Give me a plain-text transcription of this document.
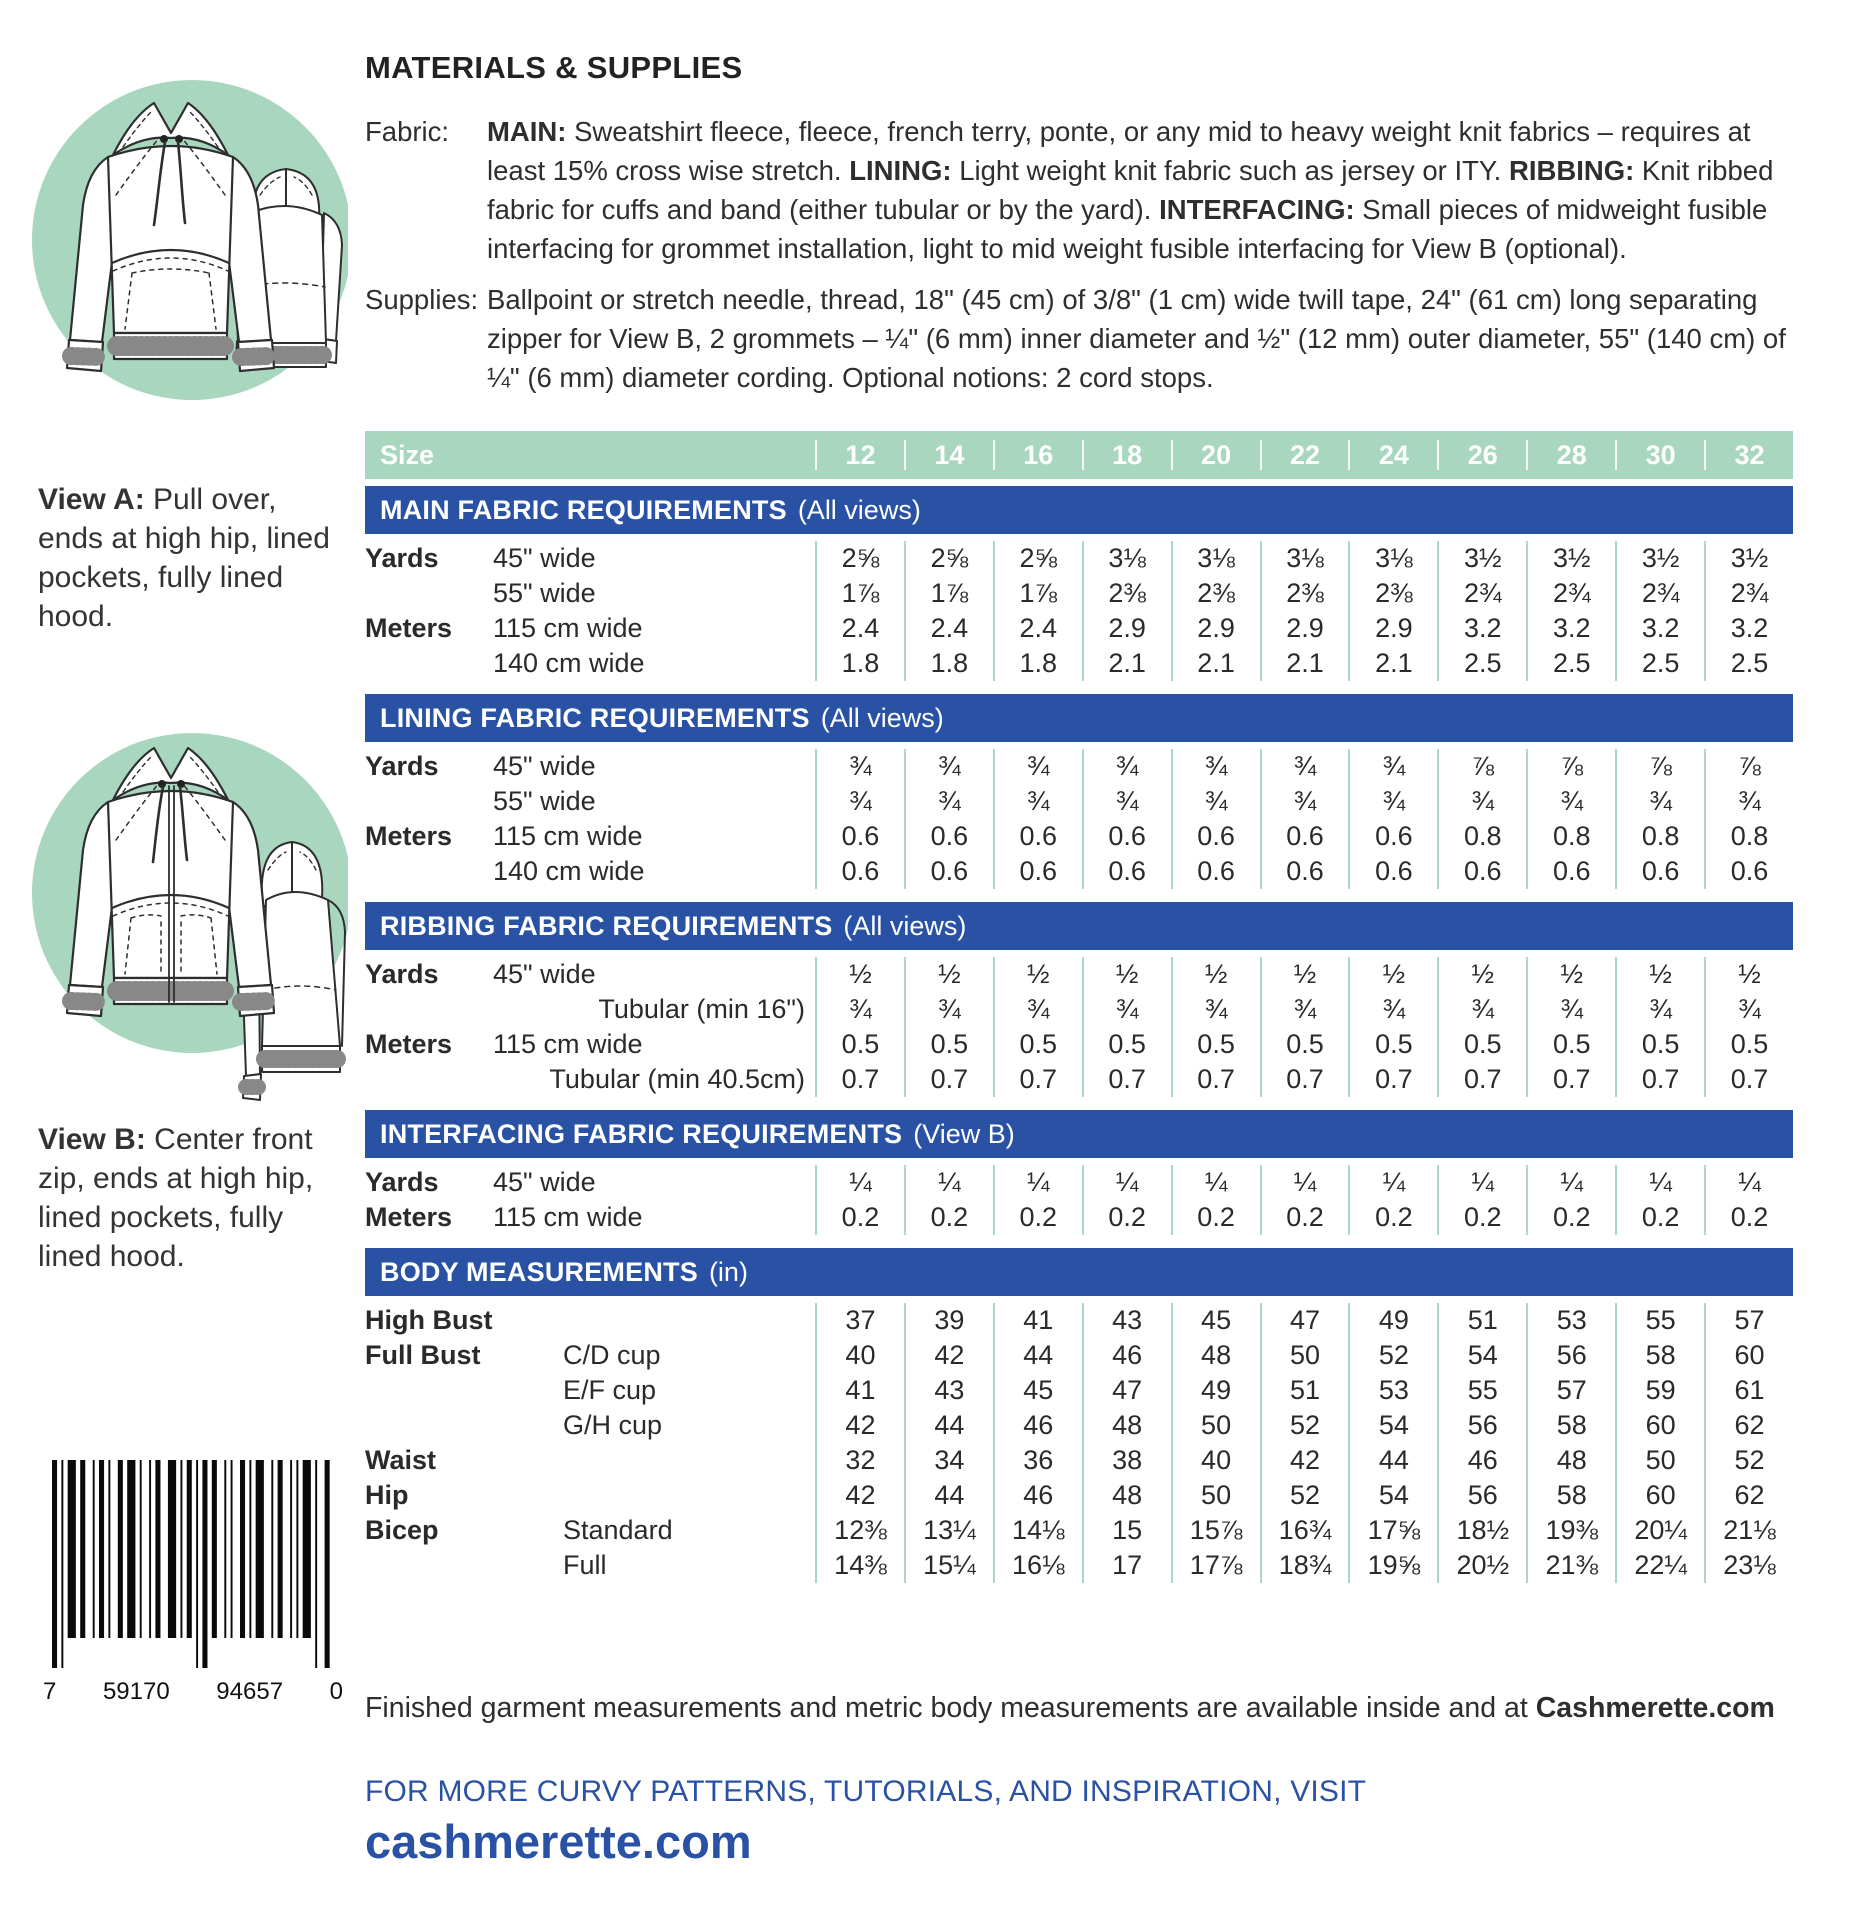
View A: Pull over, ends at high hip, lined pockets, fully lined hood.

View B: Center front zip, ends at high hip, lined pockets, fully lined hood.

7 59170 94657 0
MATERIALS & SUPPLIES
Fabric:	MAIN: Sweatshirt fleece, fleece, french terry, ponte, or any mid to heavy weight knit fabrics – requires at least 15% cross wise stretch. LINING: Light weight knit fabric such as jersey or ITY. RIBBING: Knit ribbed fabric for cuffs and band (either tubular or by the yard). INTERFACING: Small pieces of midweight fusible interfacing for grommet installation, light to mid weight fusible interfacing for View B (optional).
Supplies: Ballpoint or stretch needle, thread, 18" (45 cm) of 3/8" (1 cm) wide twill tape, 24" (61 cm) long separating zipper for View B, 2 grommets – ¼" (6 mm) inner diameter and ½" (12 mm) outer diameter, 55" (140 cm) of ¼" (6 mm) diameter cording. Optional notions: 2 cord stops.
Size	12	14	16	18	20	22	24	26	28	30	32
MAIN FABRIC REQUIREMENTS (All views)
Yards	45" wide	2⅝	2⅝	2⅝	3⅛	3⅛	3⅛	3⅛	3½	3½	3½	3½
55" wide	1⅞	1⅞	1⅞	2⅜	2⅜	2⅜	2⅜	2¾	2¾	2¾	2¾
Meters	115 cm wide	2.4	2.4	2.4	2.9	2.9	2.9	2.9	3.2	3.2	3.2	3.2
140 cm wide	1.8	1.8	1.8	2.1	2.1	2.1	2.1	2.5	2.5	2.5	2.5
LINING FABRIC REQUIREMENTS (All views)
Yards	45" wide	¾	¾	¾	¾	¾	¾	¾	⅞	⅞	⅞	⅞
55" wide	¾	¾	¾	¾	¾	¾	¾	¾	¾	¾	¾
Meters	115 cm wide	0.6	0.6	0.6	0.6	0.6	0.6	0.6	0.8	0.8	0.8	0.8
140 cm wide	0.6	0.6	0.6	0.6	0.6	0.6	0.6	0.6	0.6	0.6	0.6
RIBBING FABRIC REQUIREMENTS (All views)
Yards	45" wide	½	½	½	½	½	½	½	½	½	½	½
Tubular (min 16")	¾	¾	¾	¾	¾	¾	¾	¾	¾	¾	¾
Meters	115 cm wide	0.5	0.5	0.5	0.5	0.5	0.5	0.5	0.5	0.5	0.5	0.5
Tubular (min 40.5cm)	0.7	0.7	0.7	0.7	0.7	0.7	0.7	0.7	0.7	0.7	0.7
INTERFACING FABRIC REQUIREMENTS (View B)
Yards	45" wide	¼	¼	¼	¼	¼	¼	¼	¼	¼	¼	¼
Meters	115 cm wide	0.2	0.2	0.2	0.2	0.2	0.2	0.2	0.2	0.2	0.2	0.2
BODY MEASUREMENTS (in)
High Bust	37	39	41	43	45	47	49	51	53	55	57
Full Bust	C/D cup	40	42	44	46	48	50	52	54	56	58	60
E/F cup	41	43	45	47	49	51	53	55	57	59	61
G/H cup	42	44	46	48	50	52	54	56	58	60	62
Waist	32	34	36	38	40	42	44	46	48	50	52
Hip	42	44	46	48	50	52	54	56	58	60	62
Bicep	Standard	12⅜	13¼	14⅛	15	15⅞	16¾	17⅝	18½	19⅜	20¼	21⅛
Full	14⅜	15¼	16⅛	17	17⅞	18¾	19⅝	20½	21⅜	22¼	23⅛

Finished garment measurements and metric body measurements are available inside and at Cashmerette.com

FOR MORE CURVY PATTERNS, TUTORIALS, AND INSPIRATION, VISIT

cashmerette.com
